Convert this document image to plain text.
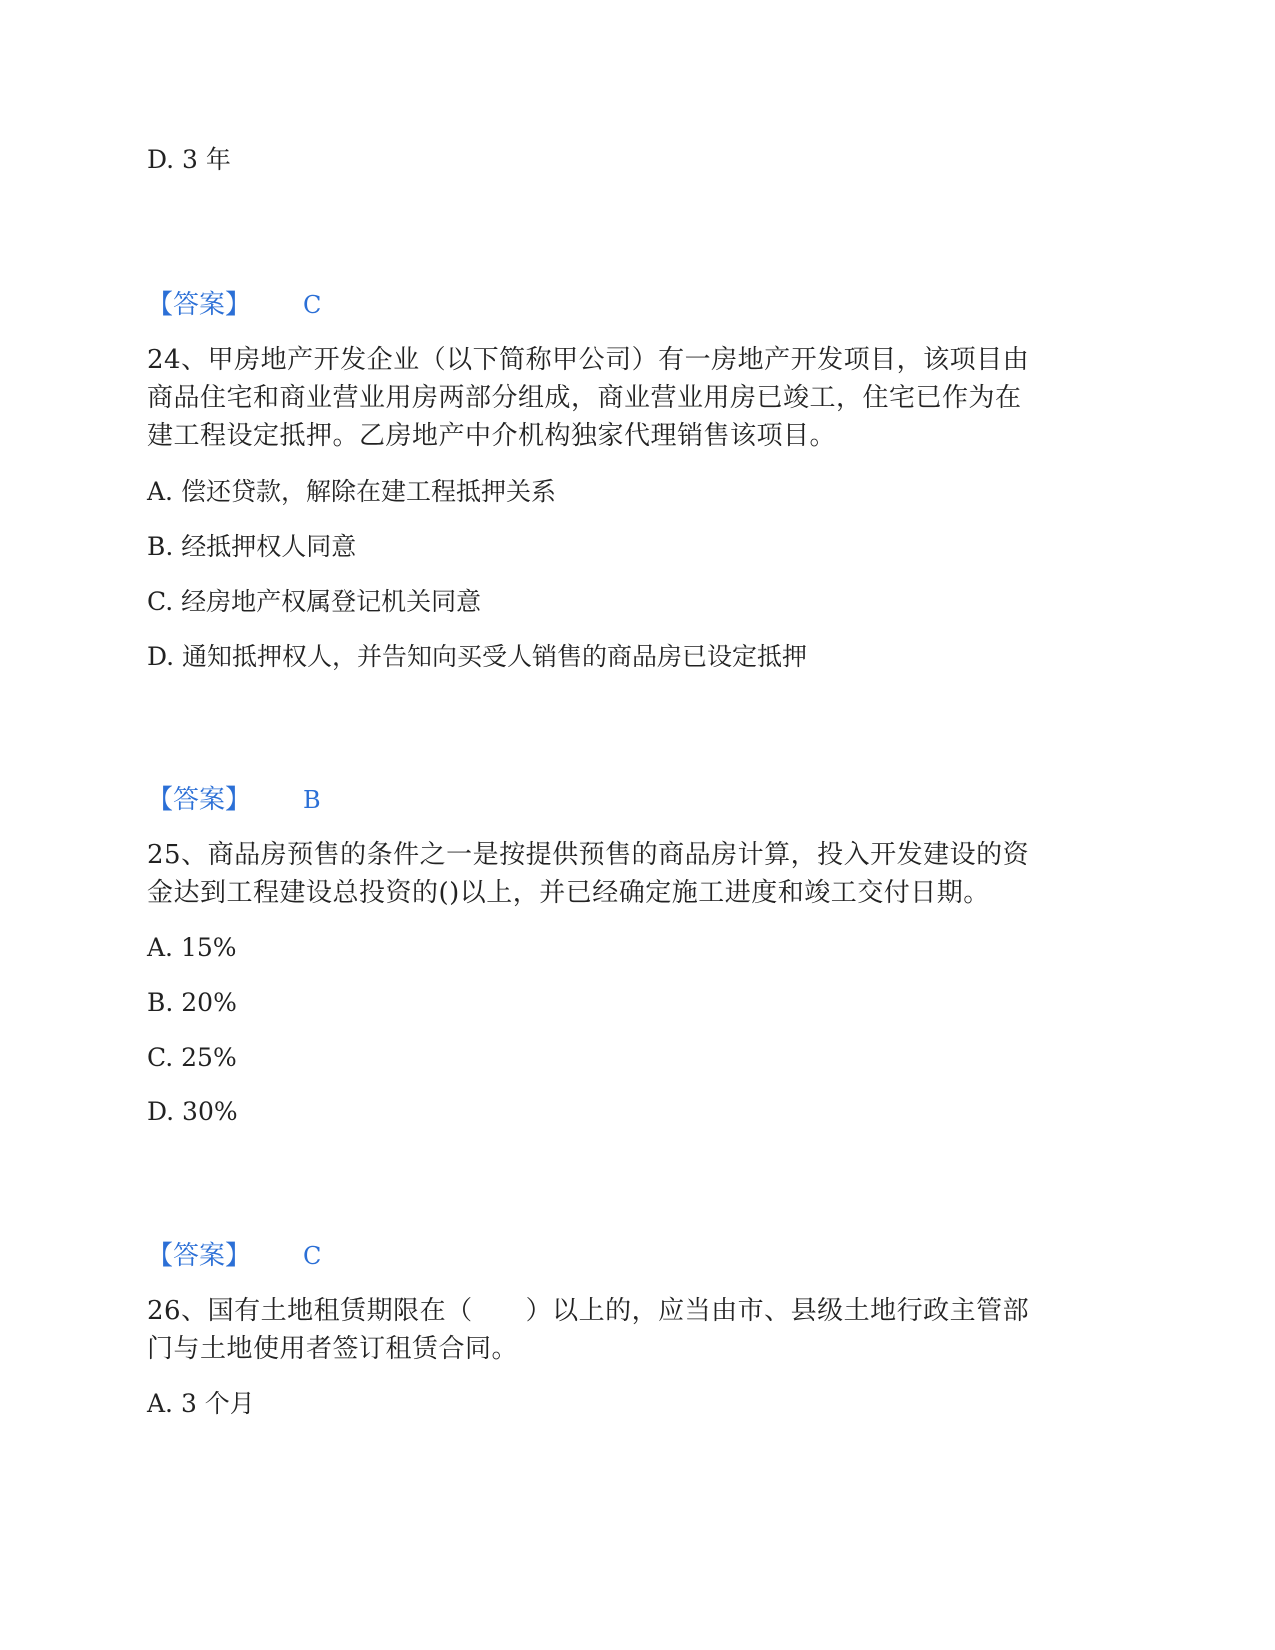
D. 3 年
【答案】 C
24、甲房地产开发企业（以下简称甲公司）有一房地产开发项目，该项目由
商品住宅和商业营业用房两部分组成，商业营业用房已竣工，住宅已作为在
建工程设定抵押。乙房地产中介机构独家代理销售该项目。
A. 偿还贷款，解除在建工程抵押关系
B. 经抵押权人同意
C. 经房地产权属登记机关同意
D. 通知抵押权人，并告知向买受人销售的商品房已设定抵押
【答案】 B
25、商品房预售的条件之一是按提供预售的商品房计算，投入开发建设的资
金达到工程建设总投资的()以上，并已经确定施工进度和竣工交付日期。
A. 15%
B. 20%
C. 25%
D. 30%
【答案】 C
26、国有土地租赁期限在（　　）以上的，应当由市、县级土地行政主管部
门与土地使用者签订租赁合同。
A. 3 个月
